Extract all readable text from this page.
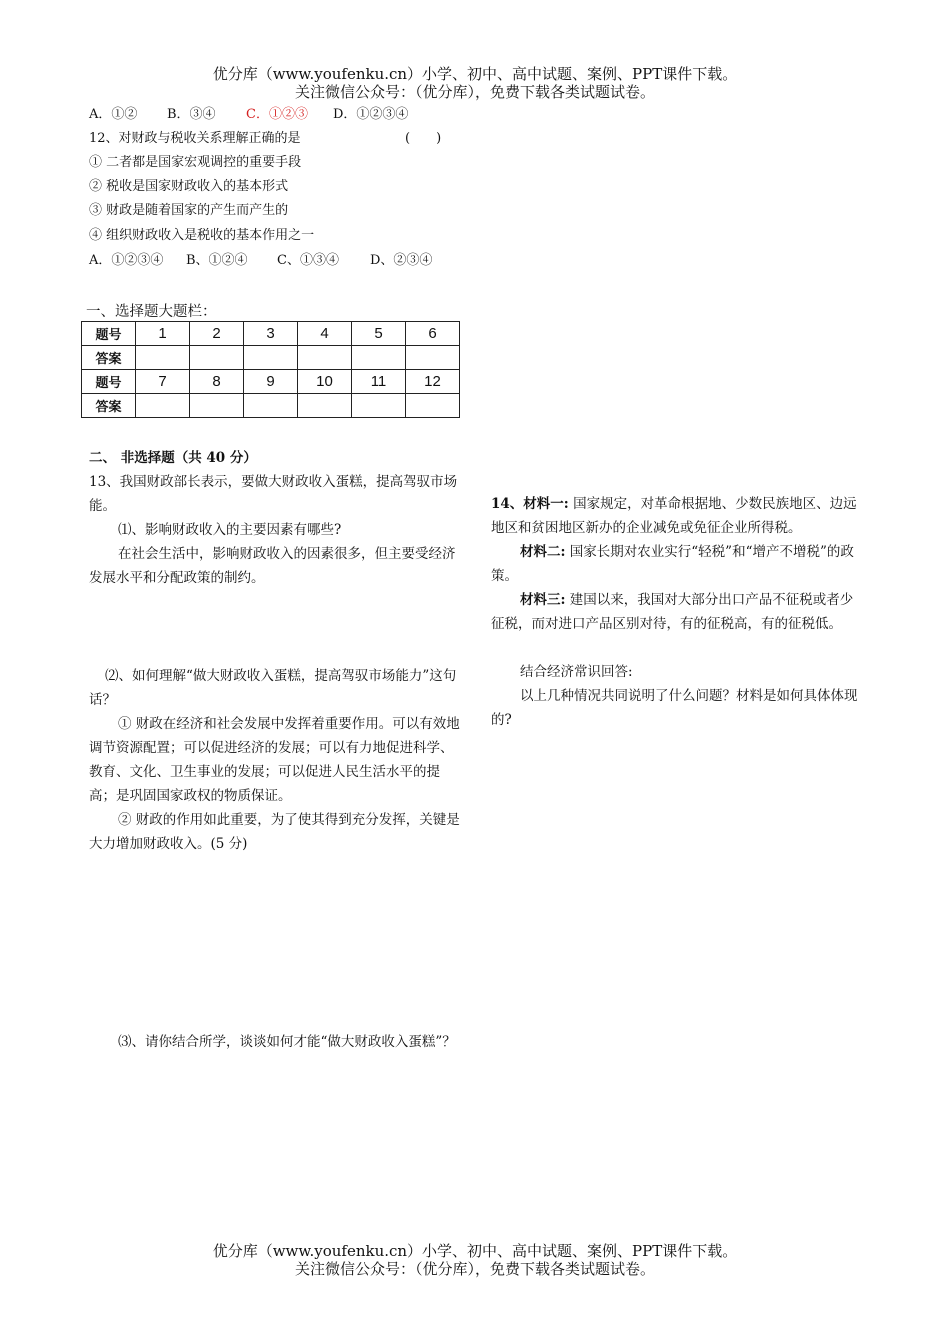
优分库（www.youfenku.cn）小学、初中、高中试题、案例、PPT课件下载。
关注微信公众号：（优分库），免费下载各类试题试卷。
A．①② B．③④ C．①②③ D．①②③④
12、对财政与税收关系理解正确的是	(　　)
① 二者都是国家宏观调控的重要手段
② 税收是国家财政收入的基本形式
③ 财政是随着国家的产生而产生的
④ 组织财政收入是税收的基本作用之一
A．①②③④ B、①②④ C、①③④ D、②③④
一、选择题大题栏：
题号	1	2	3	4	5	6
答案						
题号	7	8	9	10	11	12
答案						
二、 非选择题（共 40 分）
13、我国财政部长表示，要做大财政收入蛋糕，提高驾驭市场能。
⑴、影响财政收入的主要因素有哪些?
在社会生活中，影响财政收入的因素很多，但主要受经济发展水平和分配政策的制约。
⑵、如何理解“做大财政收入蛋糕，提高驾驭市场能力”这句话？
① 财政在经济和社会发展中发挥着重要作用。可以有效地调节资源配置；可以促进经济的发展；可以有力地促进科学、教育、文化、卫生事业的发展；可以促进人民生活水平的提高；是巩固国家政权的物质保证。
② 财政的作用如此重要，为了使其得到充分发挥，关键是大力增加财政收入。(5 分)
⑶、请你结合所学，谈谈如何才能“做大财政收入蛋糕”？
14、材料一: 国家规定，对革命根据地、少数民族地区、边远地区和贫困地区新办的企业减免或免征企业所得税。
材料二: 国家长期对农业实行“轻税”和“增产不增税”的政策。
材料三: 建国以来，我国对大部分出口产品不征税或者少征税，而对进口产品区别对待，有的征税高，有的征税低。
结合经济常识回答:
以上几种情况共同说明了什么问题？材料是如何具体体现的?
优分库（www.youfenku.cn）小学、初中、高中试题、案例、PPT课件下载。
关注微信公众号：（优分库），免费下载各类试题试卷。
